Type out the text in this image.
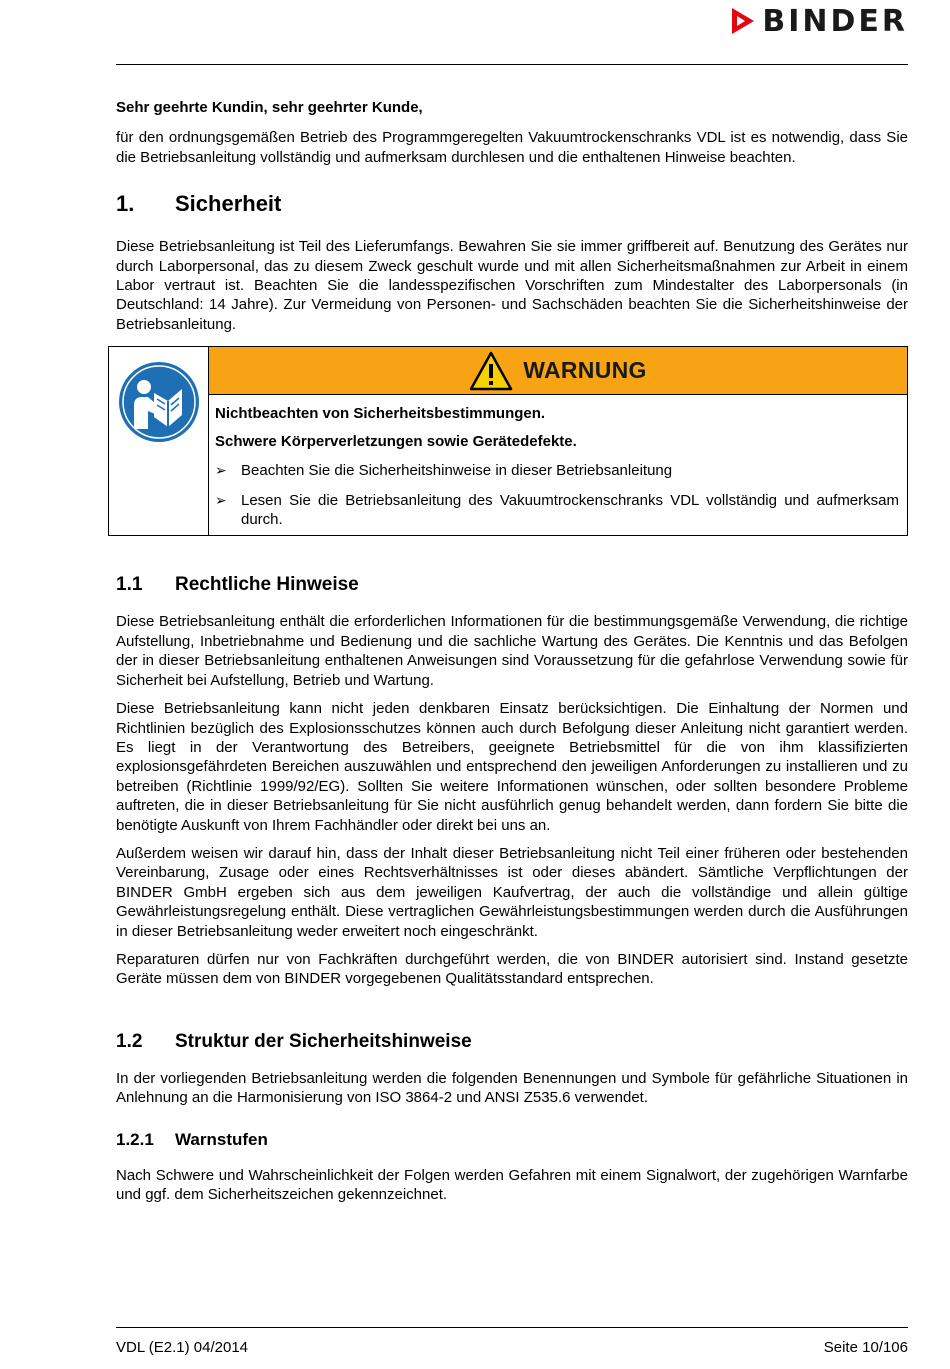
BINDER

Sehr geehrte Kundin, sehr geehrter Kunde,

für den ordnungsgemäßen Betrieb des Programmgeregelten Vakuumtrockenschranks VDL ist es notwendig, dass Sie die Betriebsanleitung vollständig und aufmerksam durchlesen und die enthaltenen Hinweise beachten.

1.	Sicherheit

Diese Betriebsanleitung ist Teil des Lieferumfangs. Bewahren Sie sie immer griffbereit auf. Benutzung des Gerätes nur durch Laborpersonal, das zu diesem Zweck geschult wurde und mit allen Sicherheitsmaßnahmen zur Arbeit in einem Labor vertraut ist. Beachten Sie die landesspezifischen Vorschriften zum Mindestalter des Laborpersonals (in Deutschland: 14 Jahre). Zur Vermeidung von Personen- und Sachschäden beachten Sie die Sicherheitshinweise der Betriebsanleitung.

WARNUNG
Nichtbeachten von Sicherheitsbestimmungen.
Schwere Körperverletzungen sowie Gerätedefekte.
➢ Beachten Sie die Sicherheitshinweise in dieser Betriebsanleitung
➢ Lesen Sie die Betriebsanleitung des Vakuumtrockenschranks VDL vollständig und aufmerksam durch.
1.1	Rechtliche Hinweise

Diese Betriebsanleitung enthält die erforderlichen Informationen für die bestimmungsgemäße Verwendung, die richtige Aufstellung, Inbetriebnahme und Bedienung und die sachliche Wartung des Gerätes. Die Kenntnis und das Befolgen der in dieser Betriebsanleitung enthaltenen Anweisungen sind Voraussetzung für die gefahrlose Verwendung sowie für Sicherheit bei Aufstellung, Betrieb und Wartung.

Diese Betriebsanleitung kann nicht jeden denkbaren Einsatz berücksichtigen. Die Einhaltung der Normen und Richtlinien bezüglich des Explosionsschutzes können auch durch Befolgung dieser Anleitung nicht garantiert werden. Es liegt in der Verantwortung des Betreibers, geeignete Betriebsmittel für die von ihm klassifizierten explosionsgefährdeten Bereichen auszuwählen und entsprechend den jeweiligen Anforderungen zu installieren und zu betreiben (Richtlinie 1999/92/EG). Sollten Sie weitere Informationen wünschen, oder sollten besondere Probleme auftreten, die in dieser Betriebsanleitung für Sie nicht ausführlich genug behandelt werden, dann fordern Sie bitte die benötigte Auskunft von Ihrem Fachhändler oder direkt bei uns an.

Außerdem weisen wir darauf hin, dass der Inhalt dieser Betriebsanleitung nicht Teil einer früheren oder bestehenden Vereinbarung, Zusage oder eines Rechtsverhältnisses ist oder dieses abändert. Sämtliche Verpflichtungen der BINDER GmbH ergeben sich aus dem jeweiligen Kaufvertrag, der auch die vollständige und allein gültige Gewährleistungsregelung enthält. Diese vertraglichen Gewährleistungsbestimmungen werden durch die Ausführungen in dieser Betriebsanleitung weder erweitert noch eingeschränkt.

Reparaturen dürfen nur von Fachkräften durchgeführt werden, die von BINDER autorisiert sind. Instand gesetzte Geräte müssen dem von BINDER vorgegebenen Qualitätsstandard entsprechen.

1.2	Struktur der Sicherheitshinweise

In der vorliegenden Betriebsanleitung werden die folgenden Benennungen und Symbole für gefährliche Situationen in Anlehnung an die Harmonisierung von ISO 3864-2 und ANSI Z535.6 verwendet.

1.2.1	Warnstufen

Nach Schwere und Wahrscheinlichkeit der Folgen werden Gefahren mit einem Signalwort, der zugehörigen Warnfarbe und ggf. dem Sicherheitszeichen gekennzeichnet.

VDL (E2.1) 04/2014	Seite 10/106
